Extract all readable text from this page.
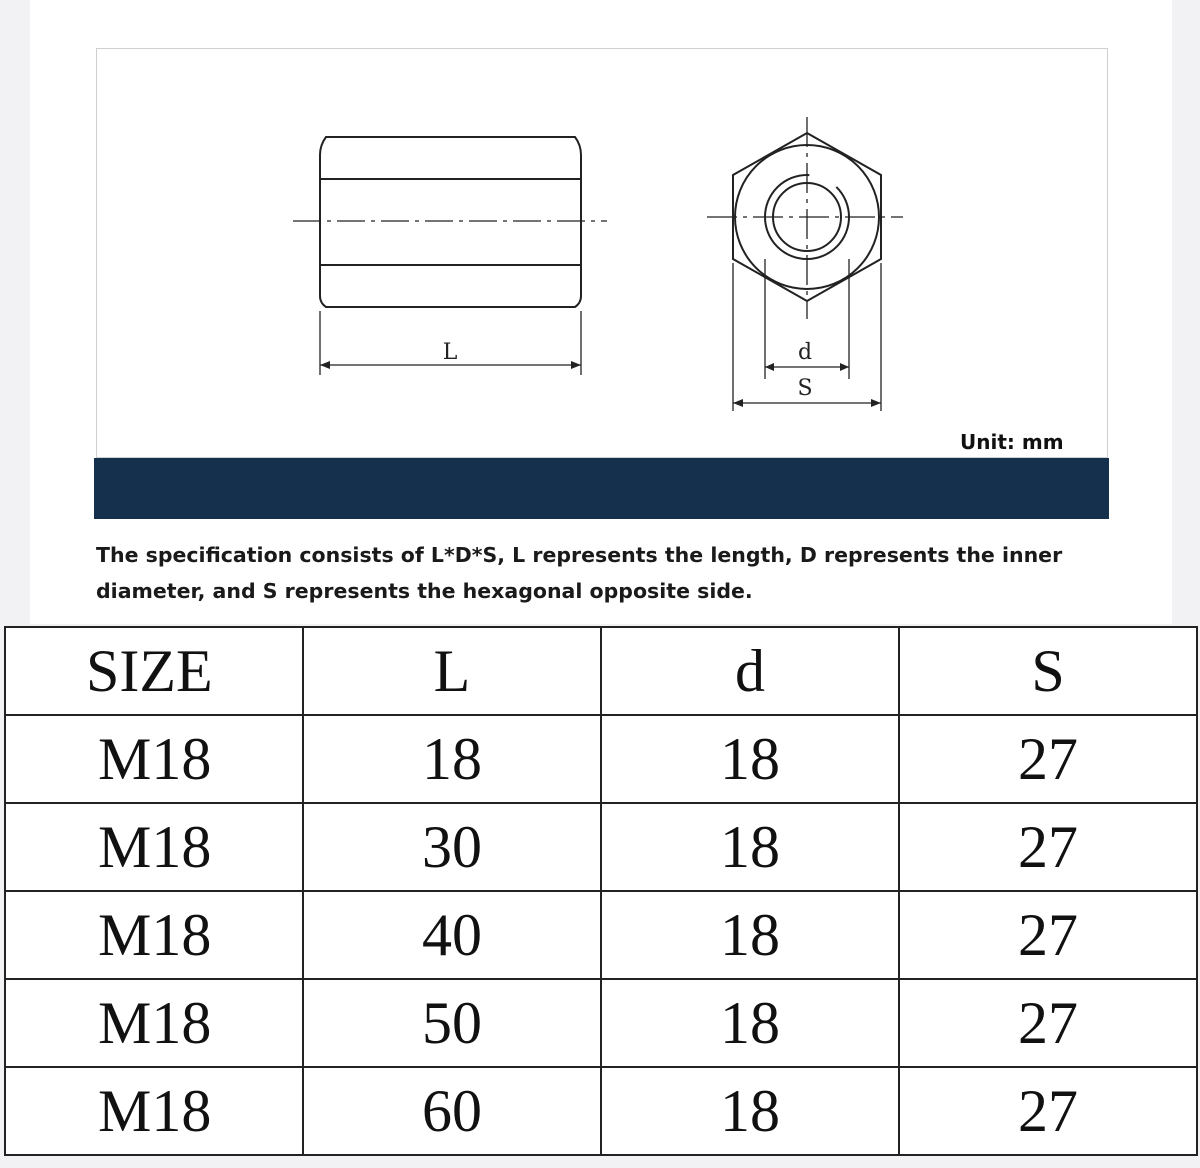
L	d
S
Unit: mm

The specification consists of L*D*S, L represents the length, D represents the inner diameter, and S represents the hexagonal opposite side.

SIZE	L	d	S
M18	18	18	27
M18	30	18	27
M18	40	18	27
M18	50	18	27
M18	60	18	27
